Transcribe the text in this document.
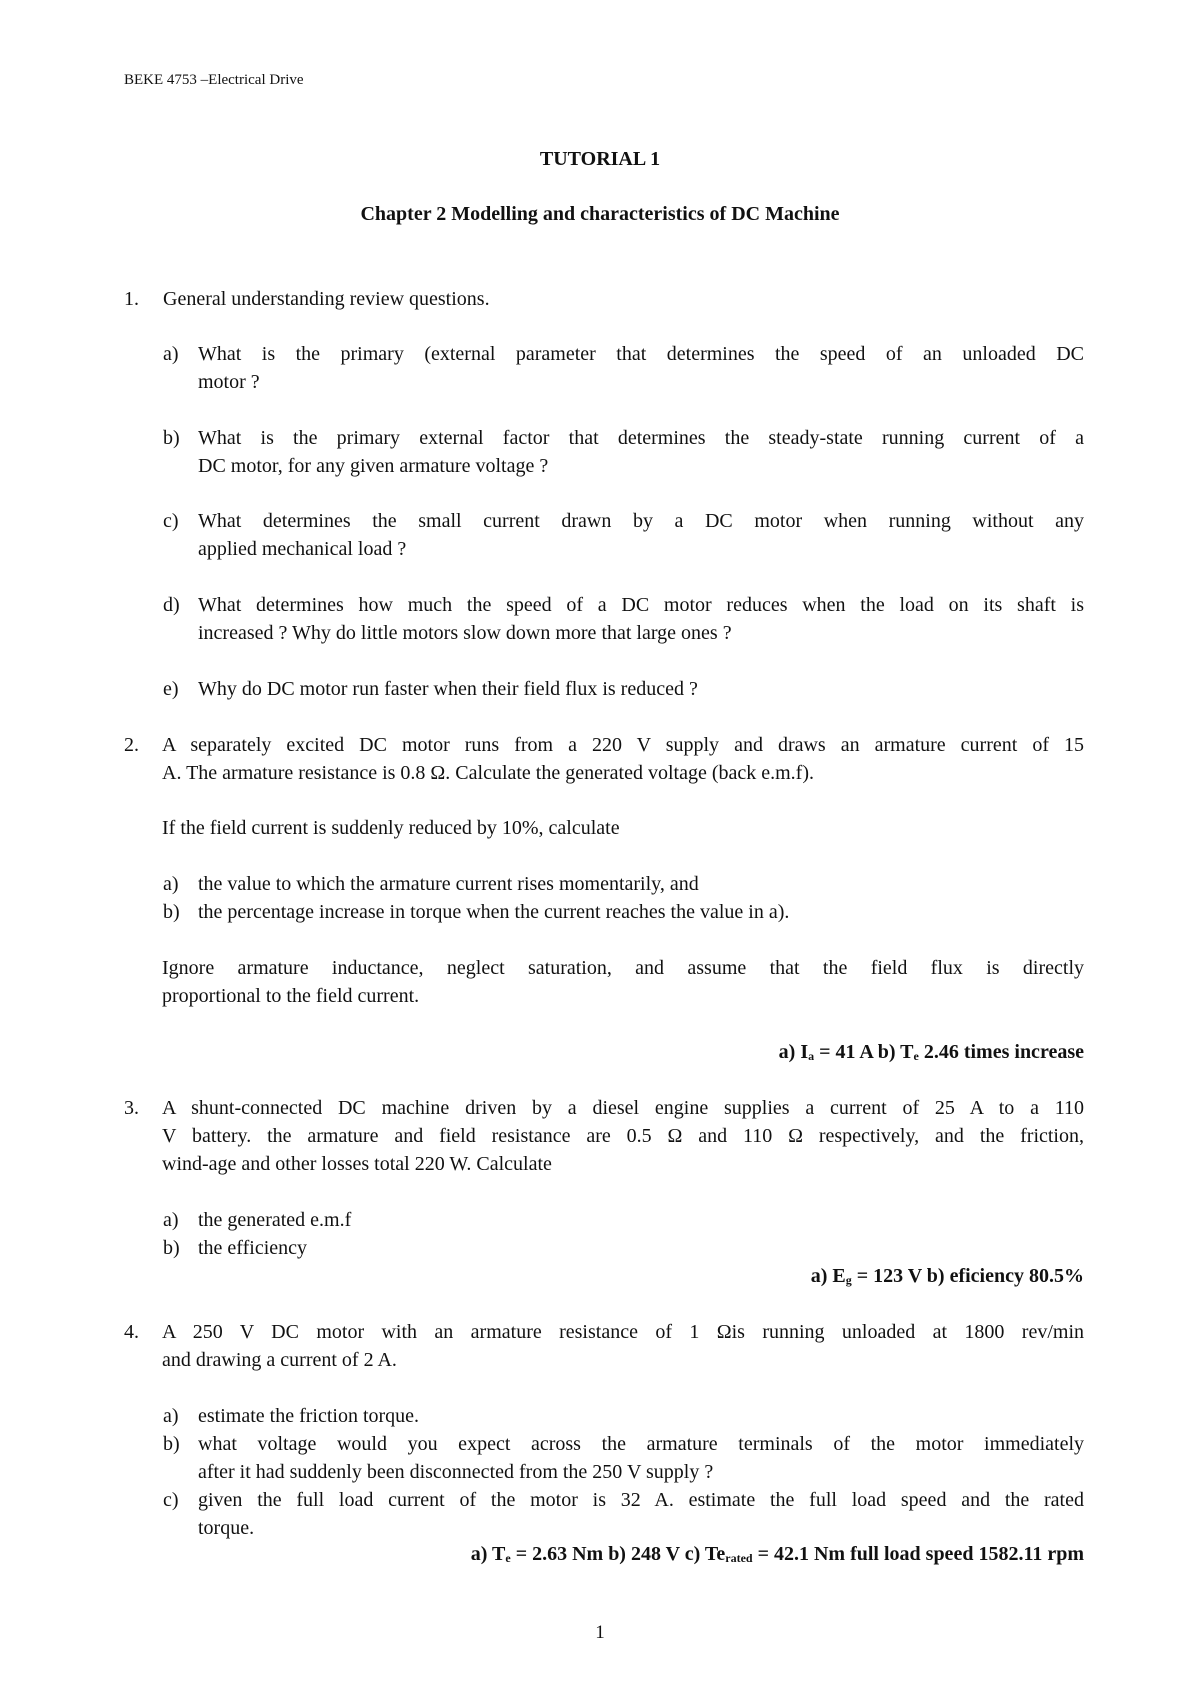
BEKE 4753 –Electrical Drive
TUTORIAL 1
Chapter 2 Modelling and characteristics of DC Machine
1. General understanding review questions.
a) What is the primary (external parameter that determines the speed of an unloaded DC
motor ?
b) What is the primary external factor that determines the steady-state running current of a
DC motor, for any given armature voltage ?
c) What determines the small current drawn by a DC motor when running without any
applied mechanical load ?
d) What determines how much the speed of a DC motor reduces when the load on its shaft is
increased ? Why do little motors slow down more that large ones ?
e) Why do DC motor run faster when their field flux is reduced ?
2. A separately excited DC motor runs from a 220 V supply and draws an armature current of 15
A. The armature resistance is 0.8 Ω. Calculate the generated voltage (back e.m.f).
If the field current is suddenly reduced by 10%, calculate
a) the value to which the armature current rises momentarily, and
b) the percentage increase in torque when the current reaches the value in a).
Ignore armature inductance, neglect saturation, and assume that the field flux is directly
proportional to the field current.
a) $I_a = 41$ A b) $T_e$ 2.46 times increase
3. A shunt-connected DC machine driven by a diesel engine supplies a current of 25 A to a 110
V battery. the armature and field resistance are 0.5 Ω and 110 Ω respectively, and the friction,
wind-age and other losses total 220 W. Calculate
a) the generated e.m.f
b) the efficiency
a) $E_g = 123$ V b) eficiency 80.5%
4. A 250 V DC motor with an armature resistance of 1 Ωis running unloaded at 1800 rev/min
and drawing a current of 2 A.
a) estimate the friction torque.
b) what voltage would you expect across the armature terminals of the motor immediately
after it had suddenly been disconnected from the 250 V supply ?
c) given the full load current of the motor is 32 A. estimate the full load speed and the rated
torque.
a) $T_e = 2.63$ Nm b) 248 V c) $Te_{rated} = 42.1$ Nm full load speed 1582.11 rpm
1
